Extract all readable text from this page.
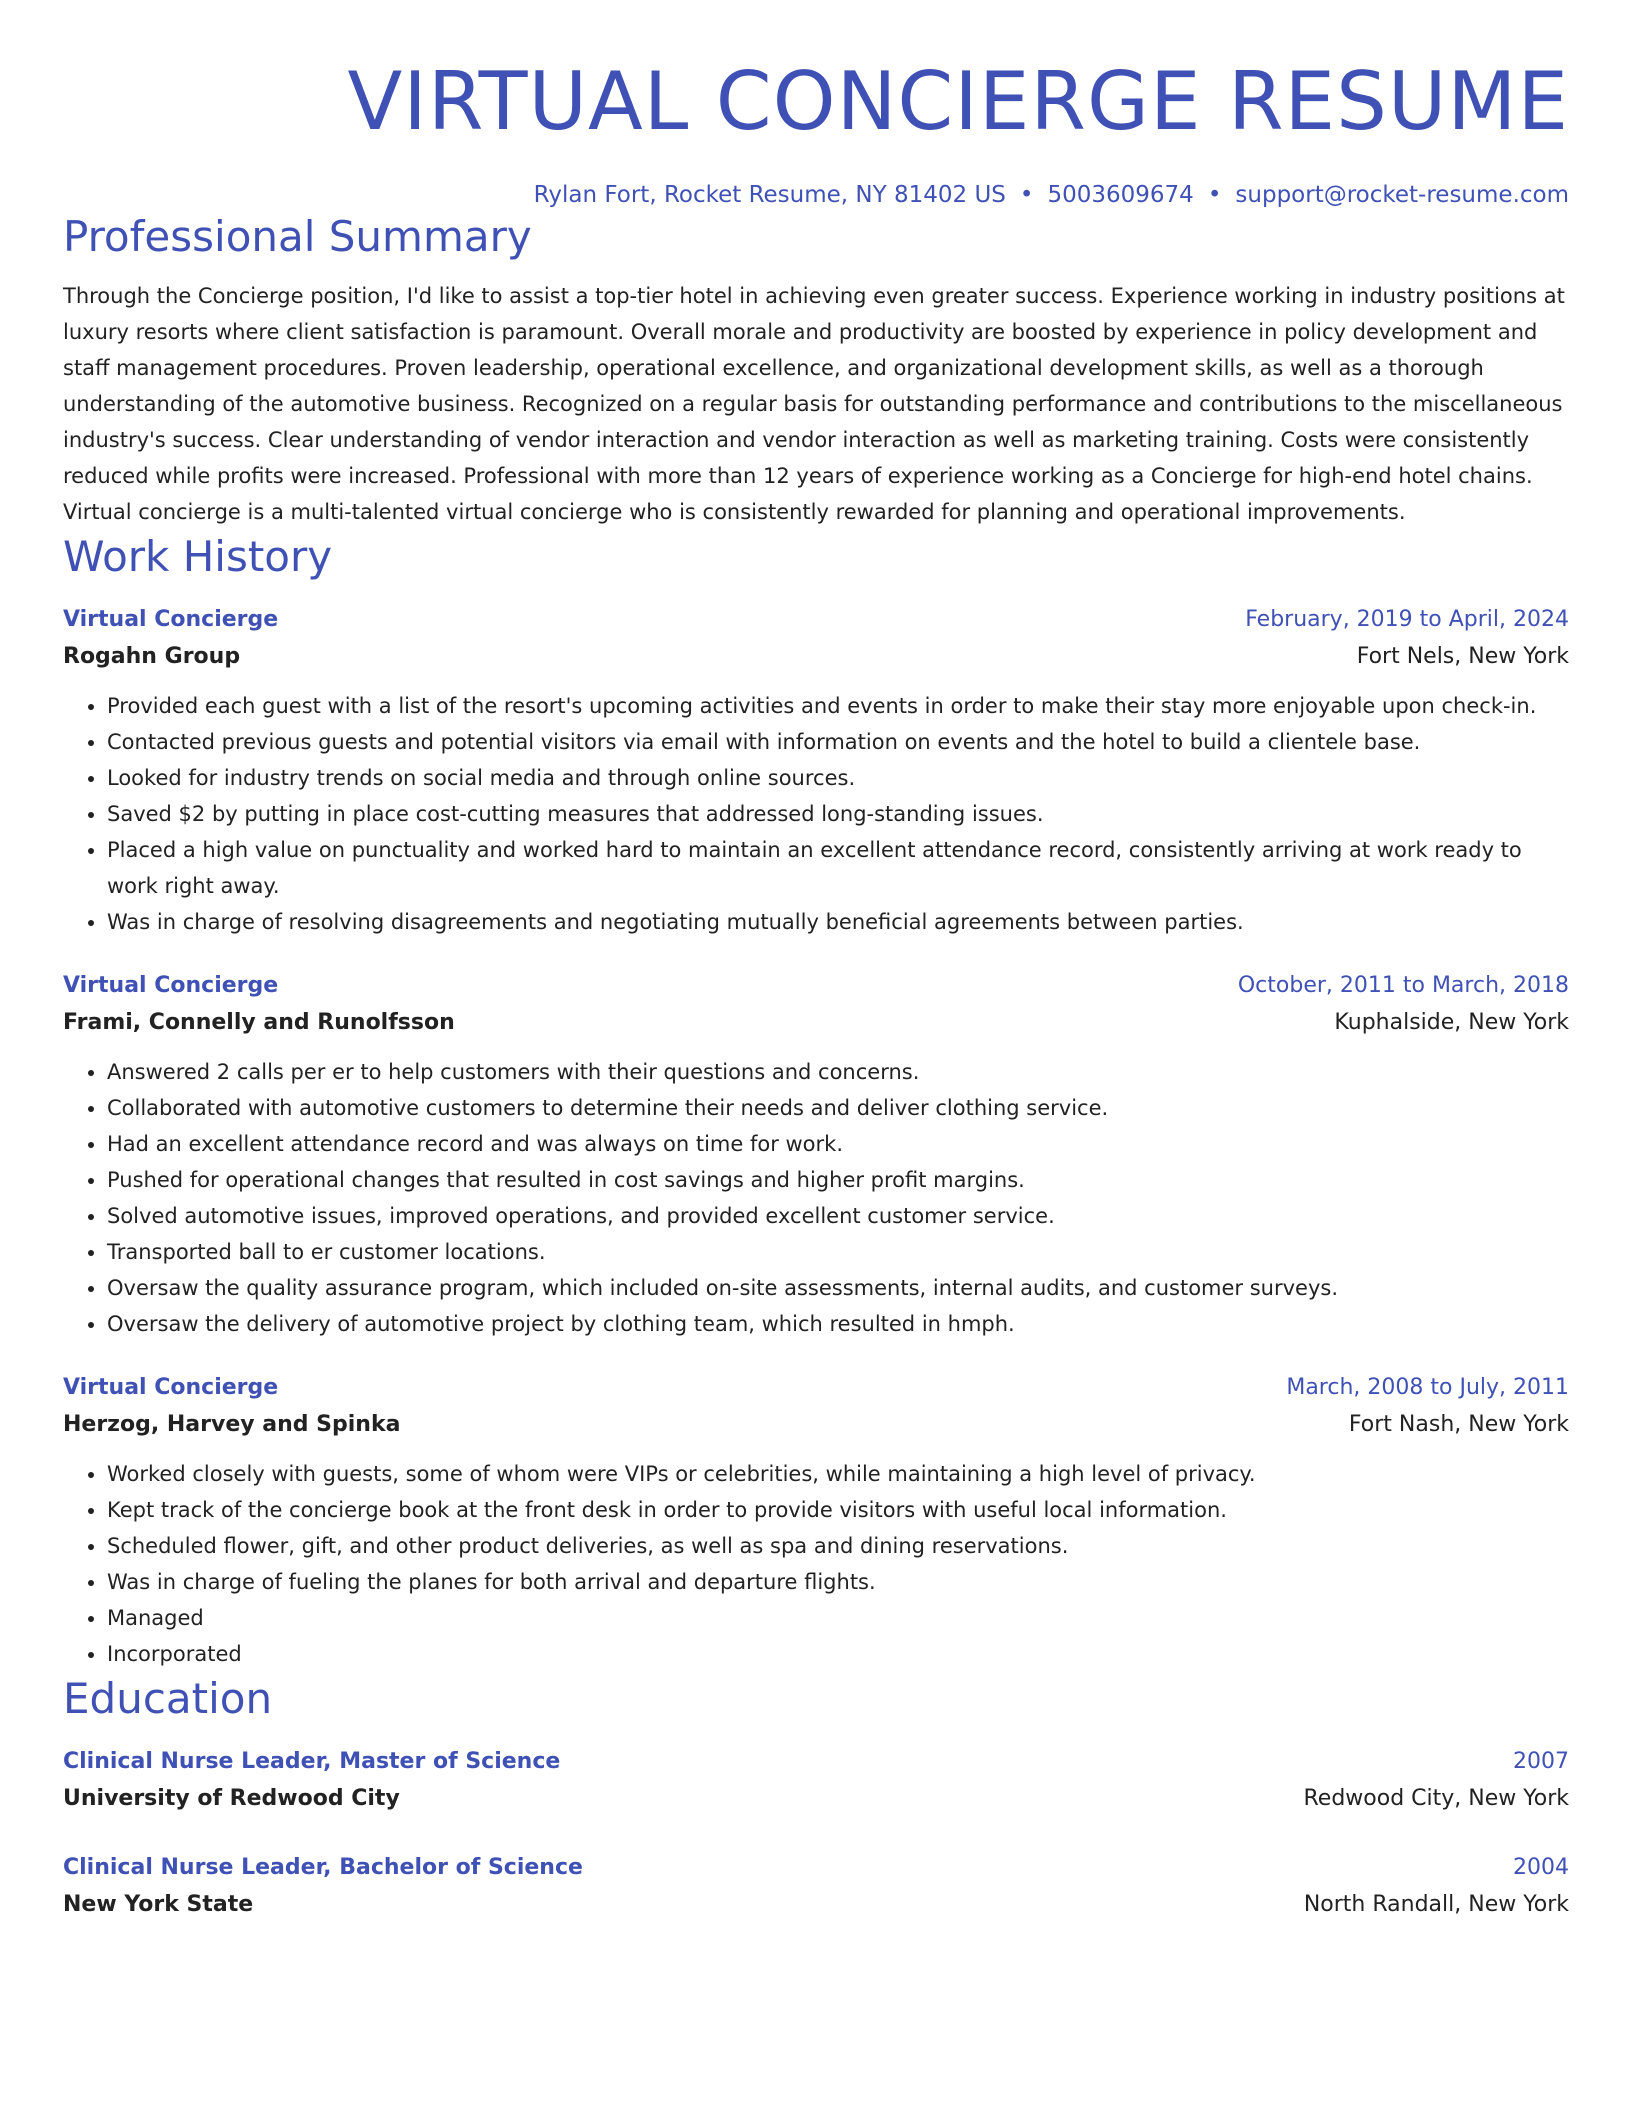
VIRTUAL CONCIERGE RESUME
Rylan Fort, Rocket Resume, NY 81402 US • 5003609674 • support@rocket-resume.com
Professional Summary
Through the Concierge position, I'd like to assist a top-tier hotel in achieving even greater success. Experience working in industry positions at luxury resorts where client satisfaction is paramount. Overall morale and productivity are boosted by experience in policy development and staff management procedures. Proven leadership, operational excellence, and organizational development skills, as well as a thorough understanding of the automotive business. Recognized on a regular basis for outstanding performance and contributions to the miscellaneous industry's success. Clear understanding of vendor interaction and vendor interaction as well as marketing training. Costs were consistently reduced while profits were increased. Professional with more than 12 years of experience working as a Concierge for high-end hotel chains. Virtual concierge is a multi-talented virtual concierge who is consistently rewarded for planning and operational improvements.
Work History
Virtual Concierge	February, 2019 to April, 2024
Rogahn Group	Fort Nels, New York
• Provided each guest with a list of the resort's upcoming activities and events in order to make their stay more enjoyable upon check-in.
• Contacted previous guests and potential visitors via email with information on events and the hotel to build a clientele base.
• Looked for industry trends on social media and through online sources.
• Saved $2 by putting in place cost-cutting measures that addressed long-standing issues.
• Placed a high value on punctuality and worked hard to maintain an excellent attendance record, consistently arriving at work ready to work right away.
• Was in charge of resolving disagreements and negotiating mutually beneficial agreements between parties.
Virtual Concierge	October, 2011 to March, 2018
Frami, Connelly and Runolfsson	Kuphalside, New York
• Answered 2 calls per er to help customers with their questions and concerns.
• Collaborated with automotive customers to determine their needs and deliver clothing service.
• Had an excellent attendance record and was always on time for work.
• Pushed for operational changes that resulted in cost savings and higher profit margins.
• Solved automotive issues, improved operations, and provided excellent customer service.
• Transported ball to er customer locations.
• Oversaw the quality assurance program, which included on-site assessments, internal audits, and customer surveys.
• Oversaw the delivery of automotive project by clothing team, which resulted in hmph.
Virtual Concierge	March, 2008 to July, 2011
Herzog, Harvey and Spinka	Fort Nash, New York
• Worked closely with guests, some of whom were VIPs or celebrities, while maintaining a high level of privacy.
• Kept track of the concierge book at the front desk in order to provide visitors with useful local information.
• Scheduled flower, gift, and other product deliveries, as well as spa and dining reservations.
• Was in charge of fueling the planes for both arrival and departure flights.
• Managed
• Incorporated
Education
Clinical Nurse Leader, Master of Science	2007
University of Redwood City	Redwood City, New York
Clinical Nurse Leader, Bachelor of Science	2004
New York State	North Randall, New York
